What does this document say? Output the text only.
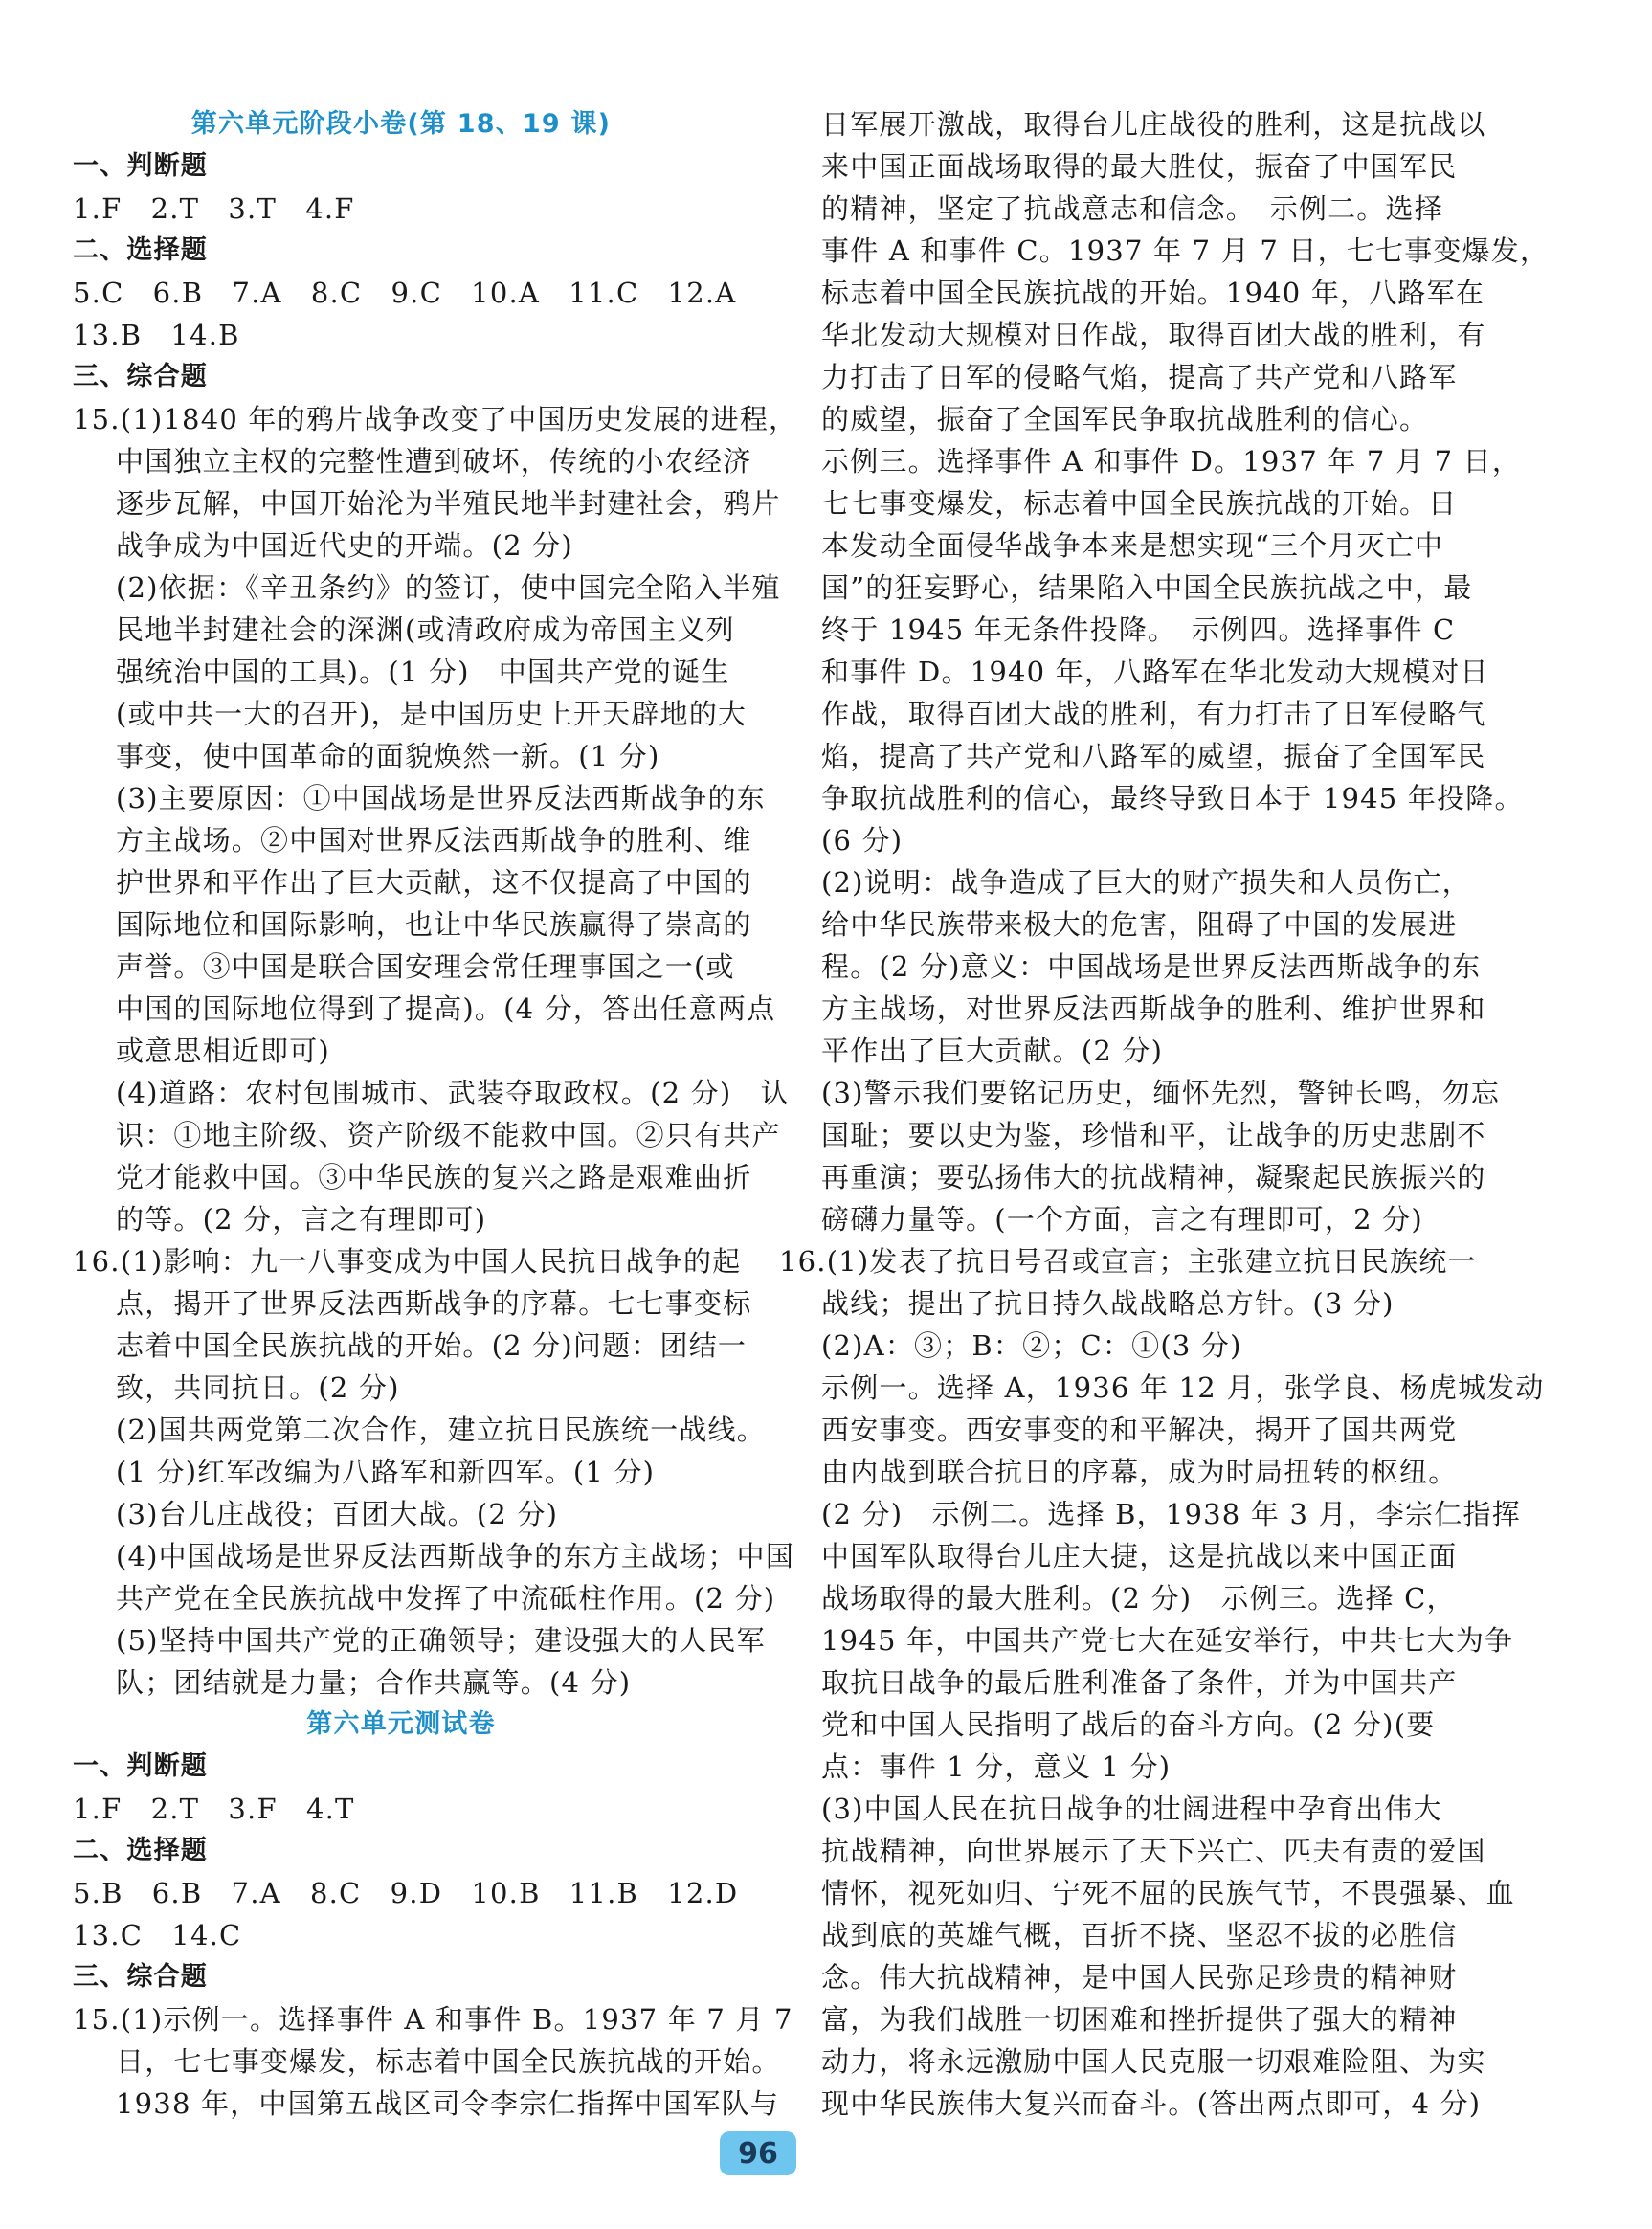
第六单元阶段小卷(第 18、19 课)
一、判断题
1.F　2.T　3.T　4.F
二、选择题
5.C　6.B　7.A　8.C　9.C　10.A　11.C　12.A
13.B　14.B
三、综合题
15.(1)1840 年的鸦片战争改变了中国历史发展的进程，
中国独立主权的完整性遭到破坏，传统的小农经济
逐步瓦解，中国开始沦为半殖民地半封建社会，鸦片
战争成为中国近代史的开端。(2 分)
(2)依据：《辛丑条约》的签订，使中国完全陷入半殖
民地半封建社会的深渊(或清政府成为帝国主义列
强统治中国的工具)。(1 分)　中国共产党的诞生
(或中共一大的召开)，是中国历史上开天辟地的大
事变，使中国革命的面貌焕然一新。(1 分)
(3)主要原因：①中国战场是世界反法西斯战争的东
方主战场。②中国对世界反法西斯战争的胜利、维
护世界和平作出了巨大贡献，这不仅提高了中国的
国际地位和国际影响，也让中华民族赢得了崇高的
声誉。③中国是联合国安理会常任理事国之一(或
中国的国际地位得到了提高)。(4 分，答出任意两点
或意思相近即可)
(4)道路：农村包围城市、武装夺取政权。(2 分)　认
识：①地主阶级、资产阶级不能救中国。②只有共产
党才能救中国。③中华民族的复兴之路是艰难曲折
的等。(2 分，言之有理即可)
16.(1)影响：九一八事变成为中国人民抗日战争的起
点，揭开了世界反法西斯战争的序幕。七七事变标
志着中国全民族抗战的开始。(2 分)问题：团结一
致，共同抗日。(2 分)
(2)国共两党第二次合作，建立抗日民族统一战线。
(1 分)红军改编为八路军和新四军。(1 分)
(3)台儿庄战役；百团大战。(2 分)
(4)中国战场是世界反法西斯战争的东方主战场；中国
共产党在全民族抗战中发挥了中流砥柱作用。(2 分)
(5)坚持中国共产党的正确领导；建设强大的人民军
队；团结就是力量；合作共赢等。(4 分)
第六单元测试卷
一、判断题
1.F　2.T　3.F　4.T
二、选择题
5.B　6.B　7.A　8.C　9.D　10.B　11.B　12.D
13.C　14.C
三、综合题
15.(1)示例一。选择事件 A 和事件 B。1937 年 7 月 7
日，七七事变爆发，标志着中国全民族抗战的开始。
1938 年，中国第五战区司令李宗仁指挥中国军队与
日军展开激战，取得台儿庄战役的胜利，这是抗战以
来中国正面战场取得的最大胜仗，振奋了中国军民
的精神，坚定了抗战意志和信念。　示例二。选择
事件 A 和事件 C。1937 年 7 月 7 日，七七事变爆发，
标志着中国全民族抗战的开始。1940 年，八路军在
华北发动大规模对日作战，取得百团大战的胜利，有
力打击了日军的侵略气焰，提高了共产党和八路军
的威望，振奋了全国军民争取抗战胜利的信心。
示例三。选择事件 A 和事件 D。1937 年 7 月 7 日，
七七事变爆发，标志着中国全民族抗战的开始。日
本发动全面侵华战争本来是想实现“三个月灭亡中
国”的狂妄野心，结果陷入中国全民族抗战之中，最
终于 1945 年无条件投降。　示例四。选择事件 C
和事件 D。1940 年，八路军在华北发动大规模对日
作战，取得百团大战的胜利，有力打击了日军侵略气
焰，提高了共产党和八路军的威望，振奋了全国军民
争取抗战胜利的信心，最终导致日本于 1945 年投降。
(6 分)
(2)说明：战争造成了巨大的财产损失和人员伤亡，
给中华民族带来极大的危害，阻碍了中国的发展进
程。(2 分)意义：中国战场是世界反法西斯战争的东
方主战场，对世界反法西斯战争的胜利、维护世界和
平作出了巨大贡献。(2 分)
(3)警示我们要铭记历史，缅怀先烈，警钟长鸣，勿忘
国耻；要以史为鉴，珍惜和平，让战争的历史悲剧不
再重演；要弘扬伟大的抗战精神，凝聚起民族振兴的
磅礴力量等。(一个方面，言之有理即可，2 分)
16.(1)发表了抗日号召或宣言；主张建立抗日民族统一
战线；提出了抗日持久战战略总方针。(3 分)
(2)A：③；B：②；C：①(3 分)
示例一。选择 A，1936 年 12 月，张学良、杨虎城发动
西安事变。西安事变的和平解决，揭开了国共两党
由内战到联合抗日的序幕，成为时局扭转的枢纽。
(2 分)　示例二。选择 B，1938 年 3 月，李宗仁指挥
中国军队取得台儿庄大捷，这是抗战以来中国正面
战场取得的最大胜利。(2 分)　示例三。选择 C，
1945 年，中国共产党七大在延安举行，中共七大为争
取抗日战争的最后胜利准备了条件，并为中国共产
党和中国人民指明了战后的奋斗方向。(2 分)(要
点：事件 1 分，意义 1 分)
(3)中国人民在抗日战争的壮阔进程中孕育出伟大
抗战精神，向世界展示了天下兴亡、匹夫有责的爱国
情怀，视死如归、宁死不屈的民族气节，不畏强暴、血
战到底的英雄气概，百折不挠、坚忍不拔的必胜信
念。伟大抗战精神，是中国人民弥足珍贵的精神财
富，为我们战胜一切困难和挫折提供了强大的精神
动力，将永远激励中国人民克服一切艰难险阻、为实
现中华民族伟大复兴而奋斗。(答出两点即可，4 分)
96
